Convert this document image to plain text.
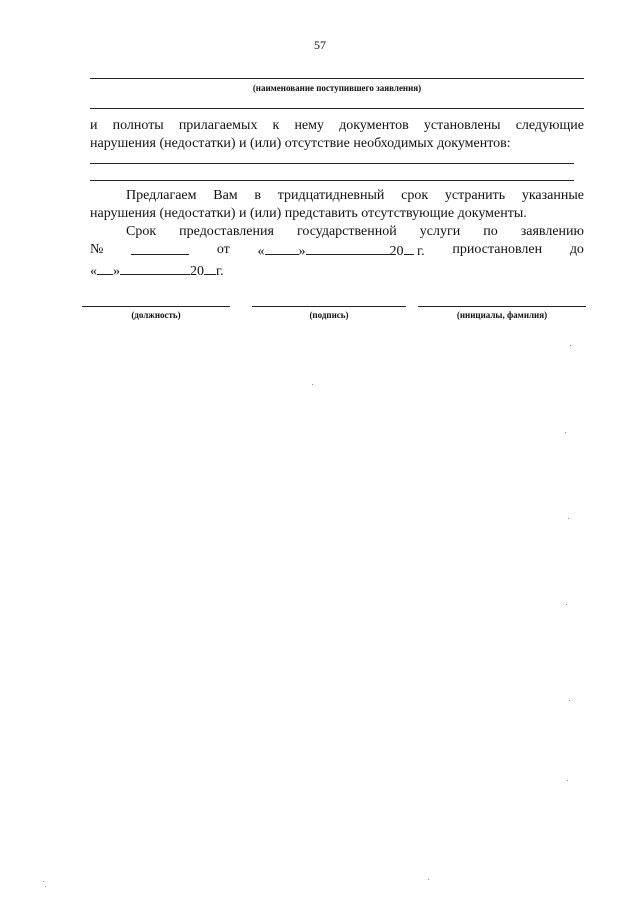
57
(наименование поступившего заявления)
и полноты прилагаемых к нему документов установлены следующие
нарушения (недостатки) и (или) отсутствие необходимых документов:
Предлагаем Вам в тридцатидневный срок устранить указанные
нарушения (недостатки) и (или) представить отсутствующие документы.
Срок предоставления государственной услуги по заявлению
№	от « »	20 г. приостановлен до
« »	20 г.
(должность)	(подпись)	(инициалы, фамилия)
